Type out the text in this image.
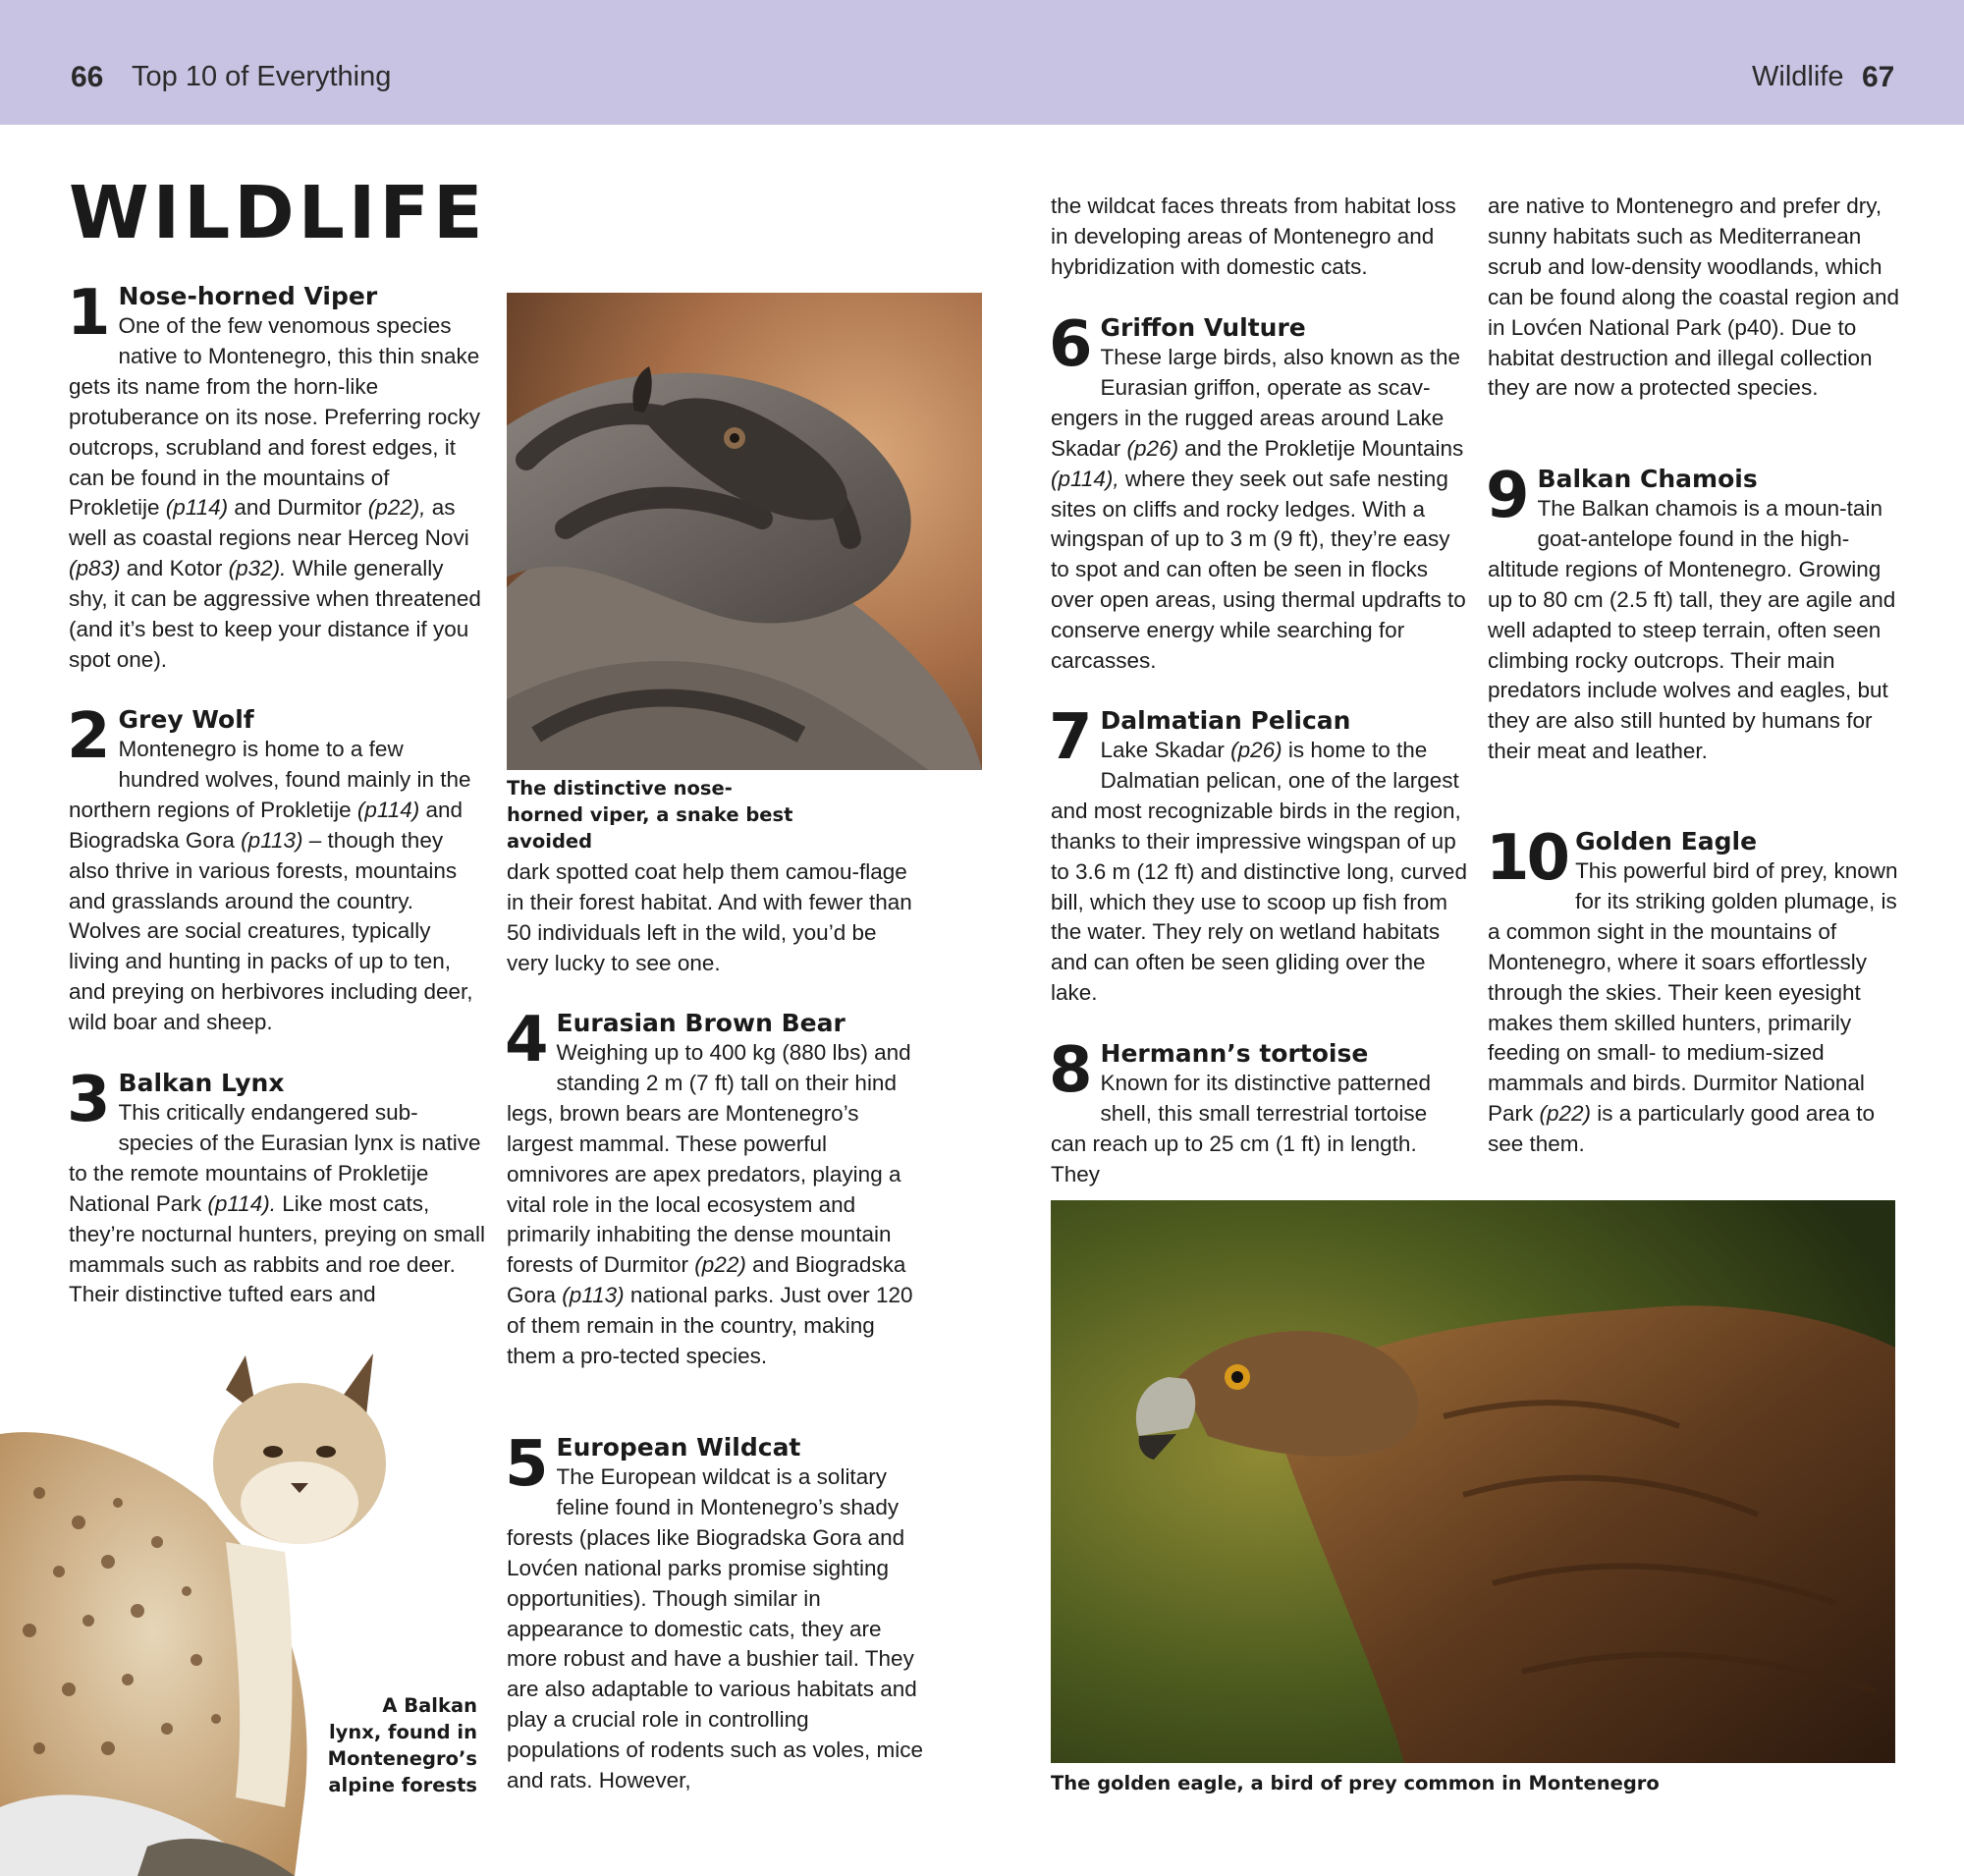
66 Top 10 of Everything	Wildlife 67
WILDLIFE
1 Nose-horned Viper
One of the few venomous species native to Montenegro, this thin snake gets its name from the horn-like protuberance on its nose. Preferring rocky outcrops, scrubland and forest edges, it can be found in the mountains of Prokletije (p114) and Durmitor (p22), as well as coastal regions near Herceg Novi (p83) and Kotor (p32). While generally shy, it can be aggressive when threatened (and it’s best to keep your distance if you spot one).
2 Grey Wolf
Montenegro is home to a few hundred wolves, found mainly in the northern regions of Prokletije (p114) and Biogradska Gora (p113) – though they also thrive in various forests, mountains and grasslands around the country. Wolves are social creatures, typically living and hunting in packs of up to ten, and preying on herbivores including deer, wild boar and sheep.
3 Balkan Lynx
This critically endangered sub-species of the Eurasian lynx is native to the remote mountains of Prokletije National Park (p114). Like most cats, they’re nocturnal hunters, preying on small mammals such as rabbits and roe deer. Their distinctive tufted ears and
4 Eurasian Brown Bear
Weighing up to 400 kg (880 lbs) and standing 2 m (7 ft) tall on their hind legs, brown bears are Montenegro’s largest mammal. These powerful omnivores are apex predators, playing a vital role in the local ecosystem and primarily inhabiting the dense mountain forests of Durmitor (p22) and Biogradska Gora (p113) national parks. Just over 120 of them remain in the country, making them a pro-tected species.
5 European Wildcat
The European wildcat is a solitary feline found in Montenegro’s shady forests (places like Biogradska Gora and Lovćen national parks promise sighting opportunities). Though similar in appearance to domestic cats, they are more robust and have a bushier tail. They are also adaptable to various habitats and play a crucial role in controlling populations of rodents such as voles, mice and rats. However,
6 Griffon Vulture
These large birds, also known as the Eurasian griffon, operate as scav-engers in the rugged areas around Lake Skadar (p26) and the Prokletije Mountains (p114), where they seek out safe nesting sites on cliffs and rocky ledges. With a wingspan of up to 3 m (9 ft), they’re easy to spot and can often be seen in flocks over open areas, using thermal updrafts to conserve energy while searching for carcasses.
7 Dalmatian Pelican
Lake Skadar (p26) is home to the Dalmatian pelican, one of the largest and most recognizable birds in the region, thanks to their impressive wingspan of up to 3.6 m (12 ft) and distinctive long, curved bill, which they use to scoop up fish from the water. They rely on wetland habitats and can often be seen gliding over the lake.
8 Hermann’s tortoise
Known for its distinctive patterned shell, this small terrestrial tortoise can reach up to 25 cm (1 ft) in length. They
9 Balkan Chamois
The Balkan chamois is a moun-tain goat-antelope found in the high-altitude regions of Montenegro. Growing up to 80 cm (2.5 ft) tall, they are agile and well adapted to steep terrain, often seen climbing rocky outcrops. Their main predators include wolves and eagles, but they are also still hunted by humans for their meat and leather.
10 Golden Eagle
This powerful bird of prey, known for its striking golden plumage, is a common sight in the mountains of Montenegro, where it soars effortlessly through the skies. Their keen eyesight makes them skilled hunters, primarily feeding on small- to medium-sized mammals and birds. Durmitor National Park (p22) is a particularly good area to see them.

dark spotted coat help them camou-flage in their forest habitat. And with fewer than 50 individuals left in the wild, you’d be very lucky to see one.

the wildcat faces threats from habitat loss in developing areas of Montenegro and hybridization with domestic cats.

are native to Montenegro and prefer dry, sunny habitats such as Mediterranean scrub and low-density woodlands, which can be found along the coastal region and in Lovćen National Park (p40). Due to habitat destruction and illegal collection they are now a protected species.

The distinctive nose-horned viper, a snake best avoided

A Balkan lynx, found in Montenegro’s alpine forests	The golden eagle, a bird of prey common in Montenegro
